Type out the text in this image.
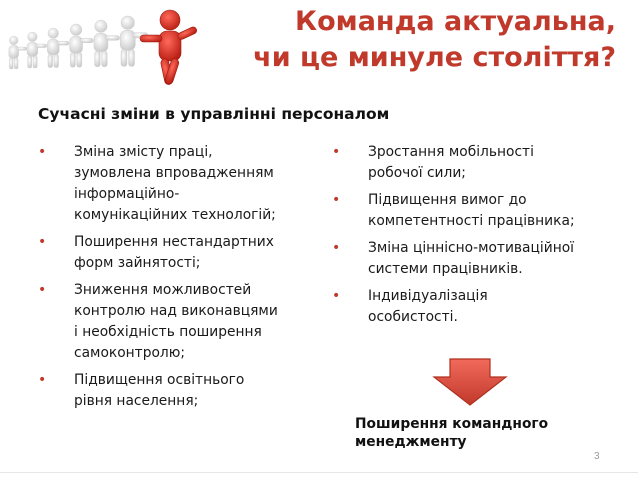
Команда актуальна,
чи це минуле століття?
Сучасні зміни в управлінні персоналом
• Зміна змісту праці,
зумовлена впровадженням
інформаційно-
комунікаційних технологій;
• Поширення нестандартних
форм зайнятості;
• Зниження можливостей
контролю над виконавцями
і необхідність поширення
самоконтролю;
• Підвищення освітнього
рівня населення;
• Зростання мобільності
робочої сили;
• Підвищення вимог до
компетентності працівника;
• Зміна ціннісно-мотиваційної
системи працівників.
• Індивідуалізація
особистості.
Поширення командного
менеджменту
3
